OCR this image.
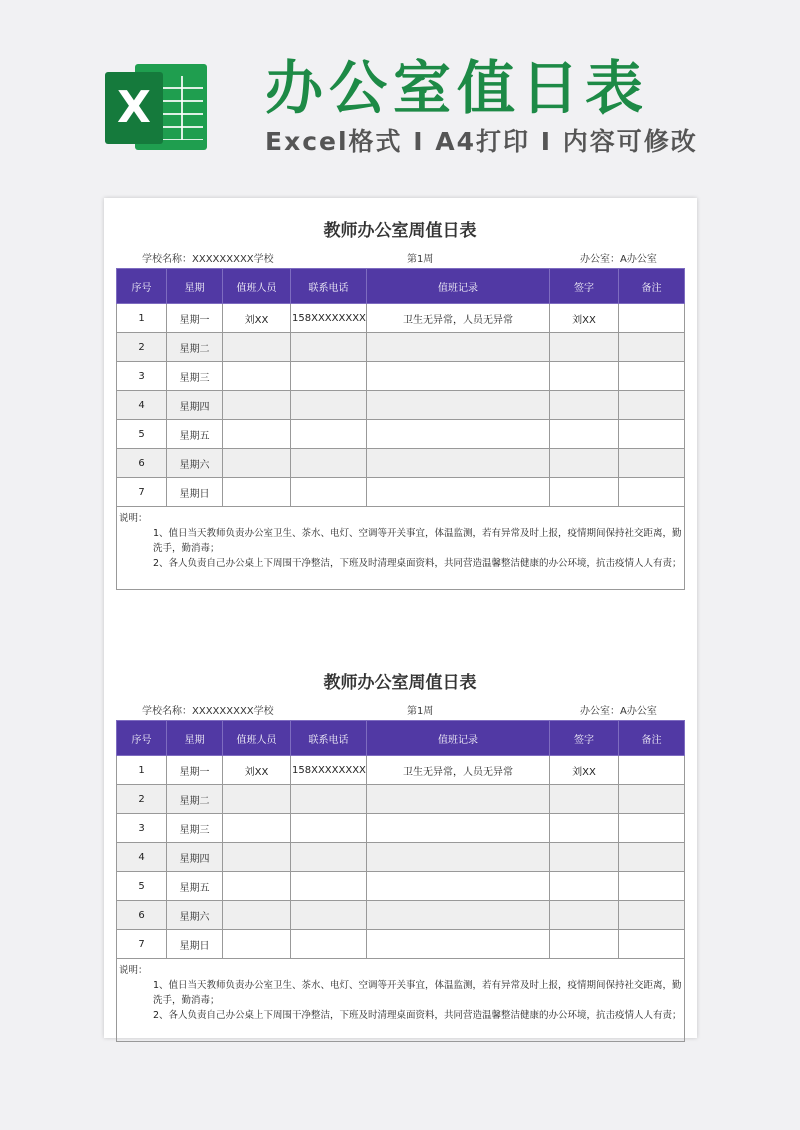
X 办公室值日表
Excel格式 I A4打印 I 内容可修改
教师办公室周值日表
学校名称：XXXXXXXXX学校	第1周	办公室：A办公室
序号	星期	值班人员	联系电话	值班记录	签字	备注
1	星期一	刘XX	158XXXXXXXX	卫生无异常，人员无异常	刘XX	
2	星期二					
3	星期三					
4	星期四					
5	星期五					
6	星期六					
7	星期日					

说明：

1、值日当天教师负责办公室卫生、茶水、电灯、空调等开关事宜，体温监测，若有异常及时上报，疫情期间保持社交距离，勤洗手，勤消毒；

2、各人负责自己办公桌上下周围干净整洁，下班及时清理桌面资料，共同营造温馨整洁健康的办公环境，抗击疫情人人有责；						

教师办公室周值日表
学校名称：XXXXXXXXX学校	第1周	办公室：A办公室
序号	星期	值班人员	联系电话	值班记录	签字	备注
1	星期一	刘XX	158XXXXXXXX	卫生无异常，人员无异常	刘XX	
2	星期二					
3	星期三					
4	星期四					
5	星期五					
6	星期六					
7	星期日					

说明：

1、值日当天教师负责办公室卫生、茶水、电灯、空调等开关事宜，体温监测，若有异常及时上报，疫情期间保持社交距离，勤洗手，勤消毒；

2、各人负责自己办公桌上下周围干净整洁，下班及时清理桌面资料，共同营造温馨整洁健康的办公环境，抗击疫情人人有责；						
